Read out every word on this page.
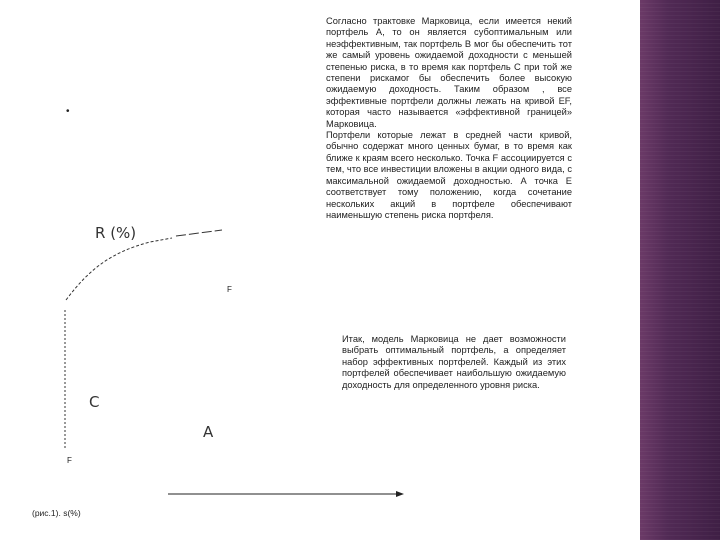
•
R (%)
F
C
A
F
(рис.1). s(%)

Согласно трактовке Марковица, если имеется некий портфель А, то он является субоптимальным или неэффективным, так портфель В мог бы обеспечить тот же самый уровень ожидаемой доходности с меньшей степенью риска, в то время как портфель С при той же степени рискамог бы обеспечить более высокую ожидаемую доходность. Таким образом , все эффективные портфели должны лежать на кривой EF, которая часто называется «эффективной границей» Марковица.

Портфели которые лежат в средней части кривой, обычно содержат много ценных бумаг, в то время как ближе к краям всего несколько. Точка F ассоциируется с тем, что все инвестиции вложены в акции одного вида, с максимальной ожидаемой доходностью. А точка E соответствует тому положению, когда сочетание нескольких акций в портфеле обеспечивают наименьшую степень риска портфеля.

Итак, модель Марковица не дает возможности выбрать оптимальный портфель, а определяет набор эффективных портфелей. Каждый из этих портфелей обеспечивает наибольшую ожидаемую доходность для определенного уровня риска.
